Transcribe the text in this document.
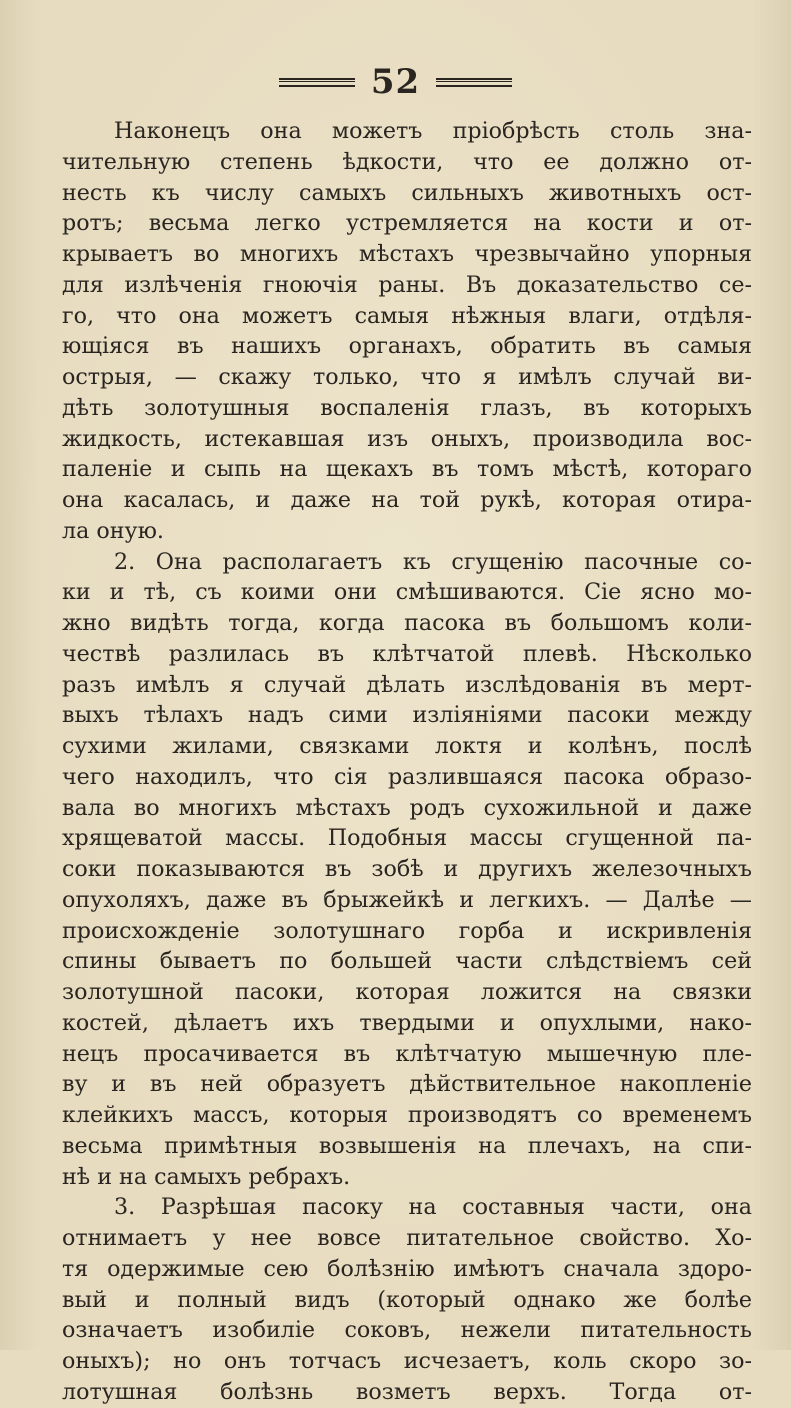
52
Наконецъ она можетъ пріобрѣсть столь зна-
чительную степень ѣдкости, что ее должно от-
несть къ числу самыхъ сильныхъ животныхъ ост-
ротъ; весьма легко устремляется на кости и от-
крываетъ во многихъ мѣстахъ чрезвычайно упорныя
для излѣченія гноючія раны. Въ доказательство се-
го, что она можетъ самыя нѣжныя влаги, отдѣля-
ющіяся въ нашихъ органахъ, обратить въ самыя
острыя, — скажу только, что я имѣлъ случай ви-
дѣть золотушныя воспаленія глазъ, въ которыхъ
жидкость, истекавшая изъ оныхъ, производила вос-
паленіе и сыпь на щекахъ въ томъ мѣстѣ, котораго
она касалась, и даже на той рукѣ, которая отира-
ла оную.
2. Она располагаетъ къ сгущенію пасочные со-
ки и тѣ, съ коими они смѣшиваются. Сіе ясно мо-
жно видѣть тогда, когда пасока въ большомъ коли-
чествѣ разлилась въ клѣтчатой плевѣ. Нѣсколько
разъ имѣлъ я случай дѣлать изслѣдованія въ мерт-
выхъ тѣлахъ надъ сими изліяніями пасоки между
сухими жилами, связками локтя и колѣнъ, послѣ
чего находилъ, что сія разлившаяся пасока образо-
вала во многихъ мѣстахъ родъ сухожильной и даже
хрящеватой массы. Подобныя массы сгущенной па-
соки показываются въ зобѣ и другихъ железочныхъ
опухоляхъ, даже въ брыжейкѣ и легкихъ. — Далѣе —
происхожденіе золотушнаго горба и искривленія
спины бываетъ по большей части слѣдствіемъ сей
золотушной пасоки, которая ложится на связки
костей, дѣлаетъ ихъ твердыми и опухлыми, нако-
нецъ просачивается въ клѣтчатую мышечную пле-
ву и въ ней образуетъ дѣйствительное накопленіе
клейкихъ массъ, которыя производятъ со временемъ
весьма примѣтныя возвышенія на плечахъ, на спи-
нѣ и на самыхъ ребрахъ.
3. Разрѣшая пасоку на составныя части, она
отнимаетъ у нее вовсе питательное свойство. Хо-
тя одержимые сею болѣзнію имѣютъ сначала здоро-
вый и полный видъ (который однако же болѣе
означаетъ изобиліе соковъ, нежели питательность
оныхъ); но онъ тотчасъ исчезаетъ, коль скоро зо-
лотушная болѣзнь возметъ верхъ. Тогда от-
